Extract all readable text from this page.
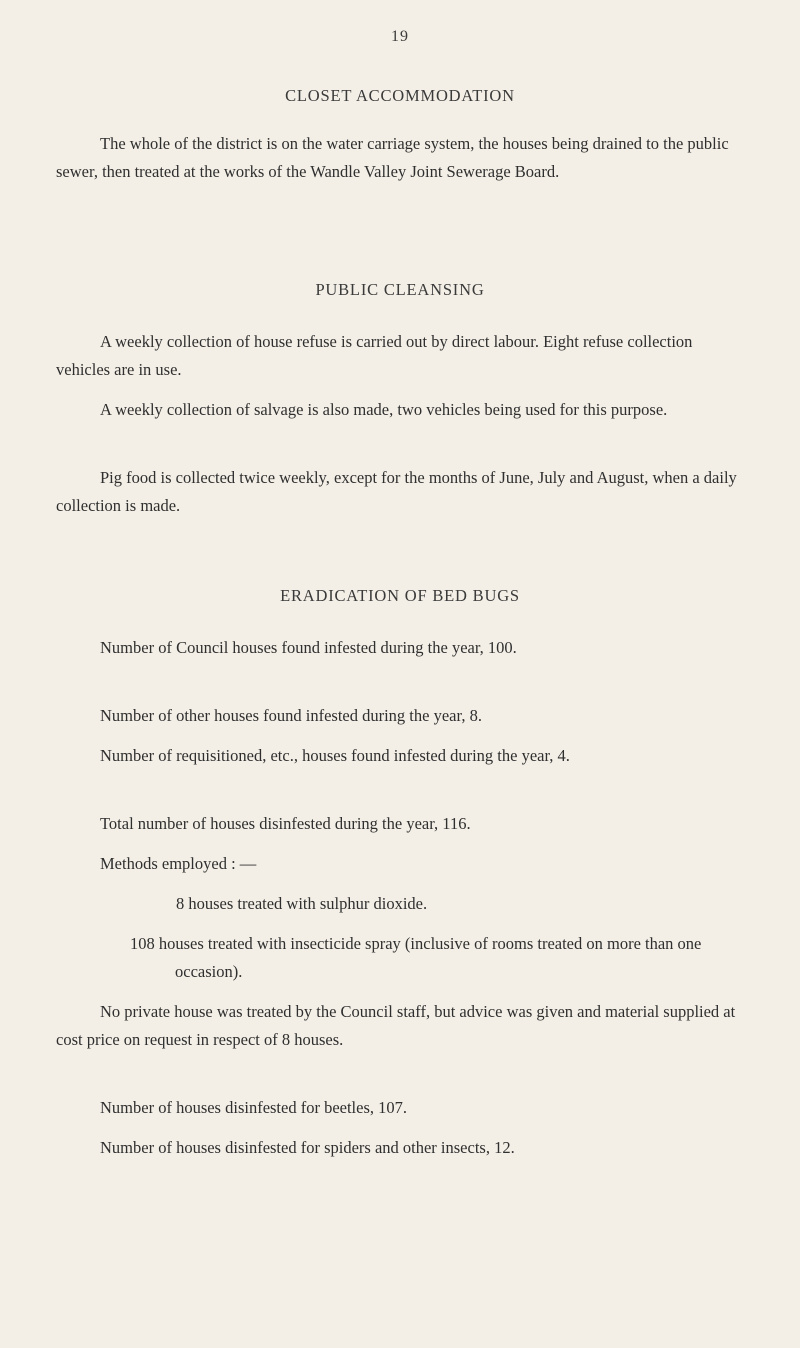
19
CLOSET ACCOMMODATION
The whole of the district is on the water carriage system, the houses being drained to the public sewer, then treated at the works of the Wandle Valley Joint Sewerage Board.
PUBLIC CLEANSING
A weekly collection of house refuse is carried out by direct labour. Eight refuse collection vehicles are in use.
A weekly collection of salvage is also made, two vehicles being used for this purpose.
Pig food is collected twice weekly, except for the months of June, July and August, when a daily collection is made.
ERADICATION OF BED BUGS
Number of Council houses found infested during the year, 100.
Number of other houses found infested during the year, 8.
Number of requisitioned, etc., houses found infested during the year, 4.
Total number of houses disinfested during the year, 116.
Methods employed : —
8 houses treated with sulphur dioxide.
108 houses treated with insecticide spray (inclusive of rooms treated on more than one occasion).
No private house was treated by the Council staff, but advice was given and material supplied at cost price on request in respect of 8 houses.
Number of houses disinfested for beetles, 107.
Number of houses disinfested for spiders and other insects, 12.
